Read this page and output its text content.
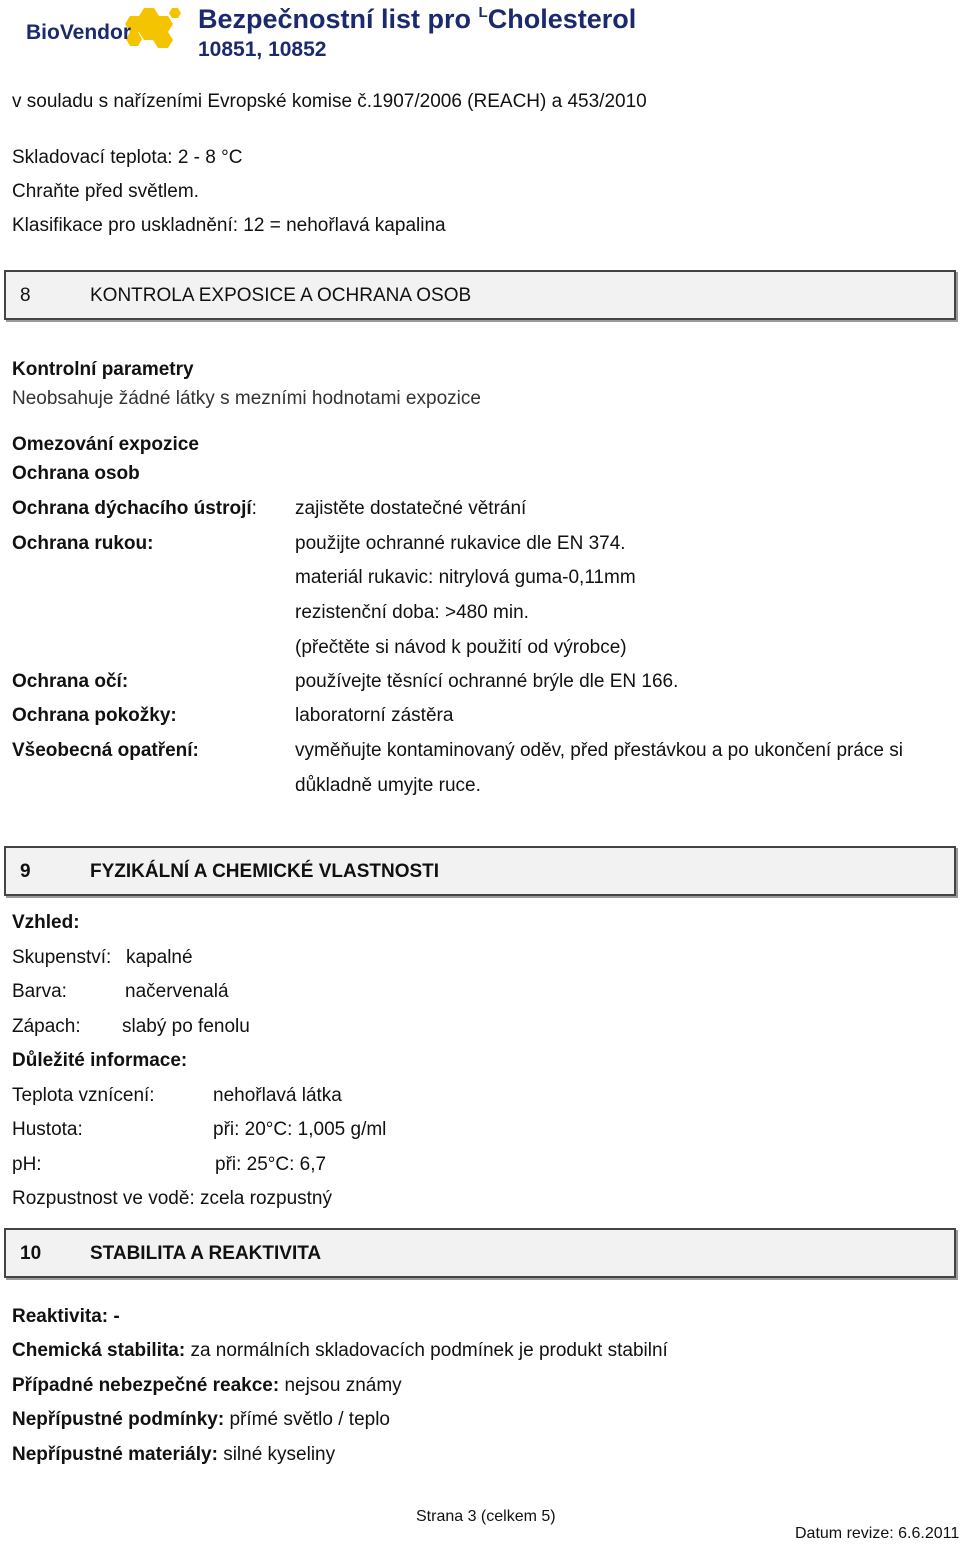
BioVendor Bezpečnostní list pro $^L$Cholesterol
10851, 10852
v souladu s nařízeními Evropské komise č.1907/2006 (REACH) a 453/2010
Skladovací teplota: 2 - 8 °C
Chraňte před světlem.
Klasifikace pro uskladnění: 12 = nehořlavá kapalina
8	KONTROLA EXPOSICE A OCHRANA OSOB
Kontrolní parametry
Neobsahuje žádné látky s mezními hodnotami expozice
Omezování expozice
Ochrana osob
Ochrana dýchacího ústrojí: zajistěte dostatečné větrání
Ochrana rukou:	použijte ochranné rukavice dle EN 374.
materiál rukavic: nitrylová guma-0,11mm
rezistenční doba: >480 min.
(přečtěte si návod k použití od výrobce)
Ochrana očí:	používejte těsnící ochranné brýle dle EN 166.
Ochrana pokožky:	laboratorní zástěra
Všeobecná opatření:	vyměňujte kontaminovaný oděv, před přestávkou a po ukončení práce si
důkladně umyjte ruce.
9	FYZIKÁLNÍ A CHEMICKÉ VLASTNOSTI
Vzhled:
Skupenství: kapalné
Barva:	načervenalá
Zápach: slabý po fenolu
Důležité informace:
Teplota vznícení:	nehořlavá látka
Hustota:	při: 20°C: 1,005 g/ml
pH:	při: 25°C: 6,7
Rozpustnost ve vodě: zcela rozpustný
10	STABILITA A REAKTIVITA
Reaktivita: -
Chemická stabilita: za normálních skladovacích podmínek je produkt stabilní
Případné nebezpečné reakce: nejsou známy
Nepřípustné podmínky: přímé světlo / teplo
Nepřípustné materiály: silné kyseliny
Strana 3 (celkem 5)
Datum revize: 6.6.2011
